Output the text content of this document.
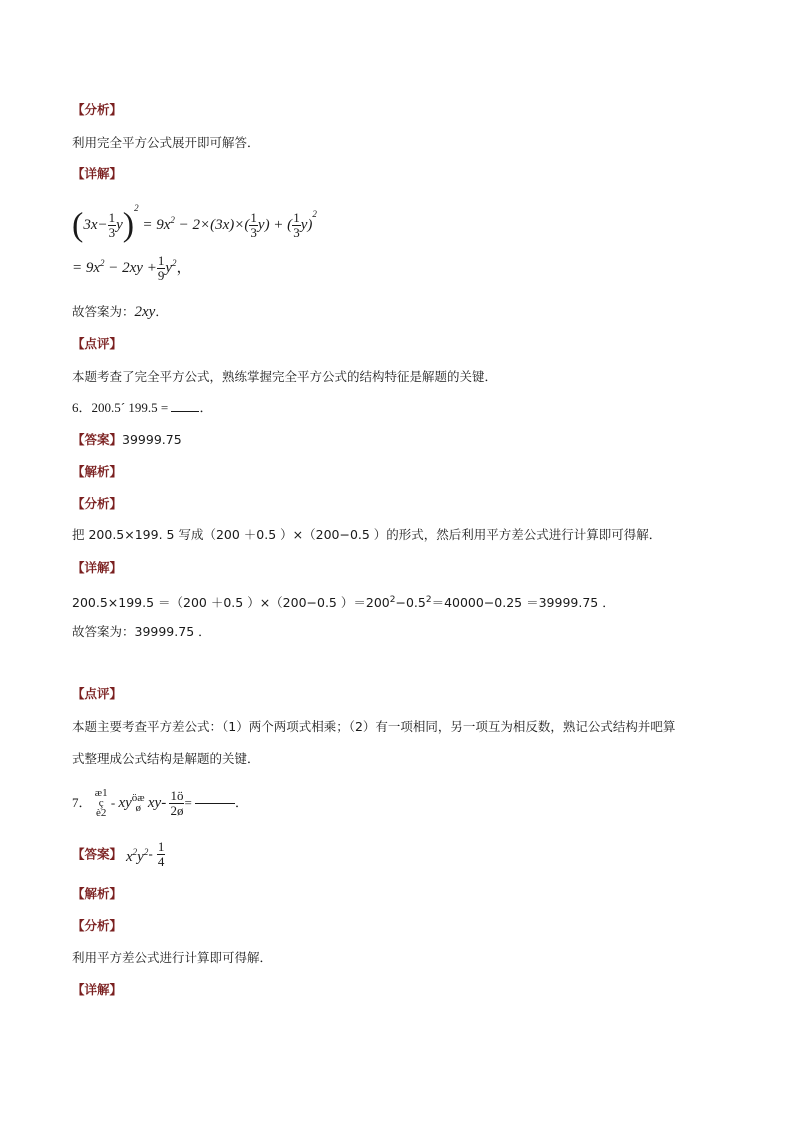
【分析】
利用完全平方公式展开即可解答．
【详解】
$(3x- \frac{1}{3} y)^2 = 9x^2 - 2\times(3x)\times( \frac{1}{3} y)$ + ( $\frac{1}{3} y)^2$
= $9x^2 - 2xy + \frac{1}{9} y^2$，
故答案为：2xy．
【点评】
本题考查了完全平方公式，熟练掌握完全平方公式的结构特征是解题的关键．
6．200.5´ 199.5 = ．
【答案】39999.75
【解析】
【分析】
把 200.5×199. 5 写成（200 ＋0.5 ）×（200−0.5 ）的形式，然后利用平方差公式进行计算即可得解．
【详解】
200.5×199.5 ＝（200 ＋0.5 ）×（200−0.5 ）$=200^2-0.5^2=40000-0.25 =39999.75$ ．
故答案为：39999.75 ．
【点评】
本题主要考查平方差公式：（1）两个两项式相乘；（2）有一项相同，另一项互为相反数，熟记公式结构并吧算
式整理成公式结构是解题的关键．
7．
æ1
ç
è2
- xy öæ
ø $xy- \frac{1ö}{2ø}$ =	．
【答案】 $x^2y^2- \frac{1}{4}$
【解析】
【分析】
利用平方差公式进行计算即可得解．
【详解】
